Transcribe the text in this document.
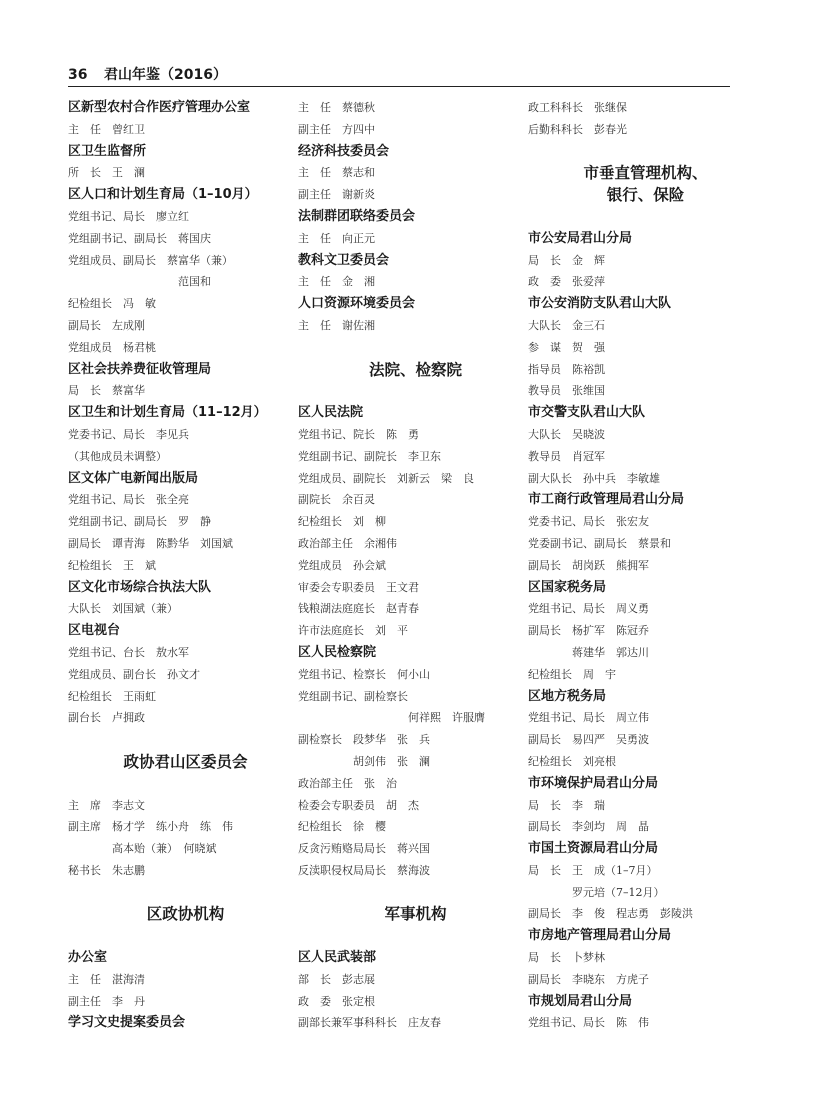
36 君山年鉴（2016）
区新型农村合作医疗管理办公室
主　任　曾红卫
区卫生监督所
所　长　王　澜
区人口和计划生育局（1–10月）
党组书记、局长　廖立红
党组副书记、副局长　蒋国庆
党组成员、副局长　蔡富华（兼）
　　　　　　　　　　范国和
纪检组长　冯　敏
副局长　左成刚
党组成员　杨君桃
区社会扶养费征收管理局
局　长　蔡富华
区卫生和计划生育局（11–12月）
党委书记、局长　李见兵
（其他成员未调整）
区文体广电新闻出版局
党组书记、局长　张全亮
党组副书记、副局长　罗　静
副局长　谭青海　陈黔华　刘国斌
纪检组长　王　斌
区文化市场综合执法大队
大队长　刘国斌（兼）
区电视台
党组书记、台长　敖水军
党组成员、副台长　孙文才
纪检组长　王雨虹
副台长　卢拥政
政协君山区委员会
主　席　李志文
副主席　杨才学　练小舟　练　伟
　　　　高本贻（兼）　何晓斌
秘书长　朱志鹏
区政协机构
办公室
主　任　湛海清
副主任　李　丹
学习文史提案委员会
主　任　蔡德秋
副主任　方四中
经济科技委员会
主　任　蔡志和
副主任　谢新炎
法制群团联络委员会
主　任　向正元
教科文卫委员会
主　任　金　湘
人口资源环境委员会
主　任　谢佐湘
法院、检察院
区人民法院
党组书记、院长　陈　勇
党组副书记、副院长　李卫东
党组成员、副院长　刘新云　梁　良
副院长　余百灵
纪检组长　刘　柳
政治部主任　余湘伟
党组成员　孙会斌
审委会专职委员　王文君
钱粮湖法庭庭长　赵青春
许市法庭庭长　刘　平
区人民检察院
党组书记、检察长　何小山
党组副书记、副检察长
　　　　　　　　　　何祥熙　许服膺
副检察长　段梦华　张　兵
　　　　　胡剑伟　张　澜
政治部主任　张　治
检委会专职委员　胡　杰
纪检组长　徐　樱
反贪污贿赂局局长　蒋兴国
反渎职侵权局局长　蔡海波
军事机构
区人民武装部
部　长　彭志展
政　委　张定根
副部长兼军事科科长　庄友春
政工科科长　张继保
后勤科科长　彭春光
市垂直管理机构、
银行、保险
市公安局君山分局
局　长　金　辉
政　委　张爱萍
市公安消防支队君山大队
大队长　金三石
参　谋　贺　强
指导员　陈裕凯
教导员　张维国
市交警支队君山大队
大队长　吴晓波
教导员　肖冠军
副大队长　孙中兵　李敏雄
市工商行政管理局君山分局
党委书记、局长　张宏友
党委副书记、副局长　蔡景和
副局长　胡岗跃　熊拥军
区国家税务局
党组书记、局长　周义勇
副局长　杨扩军　陈冠乔
　　　　蒋建华　郭达川
纪检组长　周　宇
区地方税务局
党组书记、局长　周立伟
副局长　易四严　吴勇波
纪检组长　刘亮根
市环境保护局君山分局
局　长　李　瑞
副局长　李剑均　周　晶
市国土资源局君山分局
局　长　王　成（1–7月）
　　　　罗元培（7–12月）
副局长　李　俊　程志勇　彭陵洪
市房地产管理局君山分局
局　长　卜梦林
副局长　李晓东　方虎子
市规划局君山分局
党组书记、局长　陈　伟
